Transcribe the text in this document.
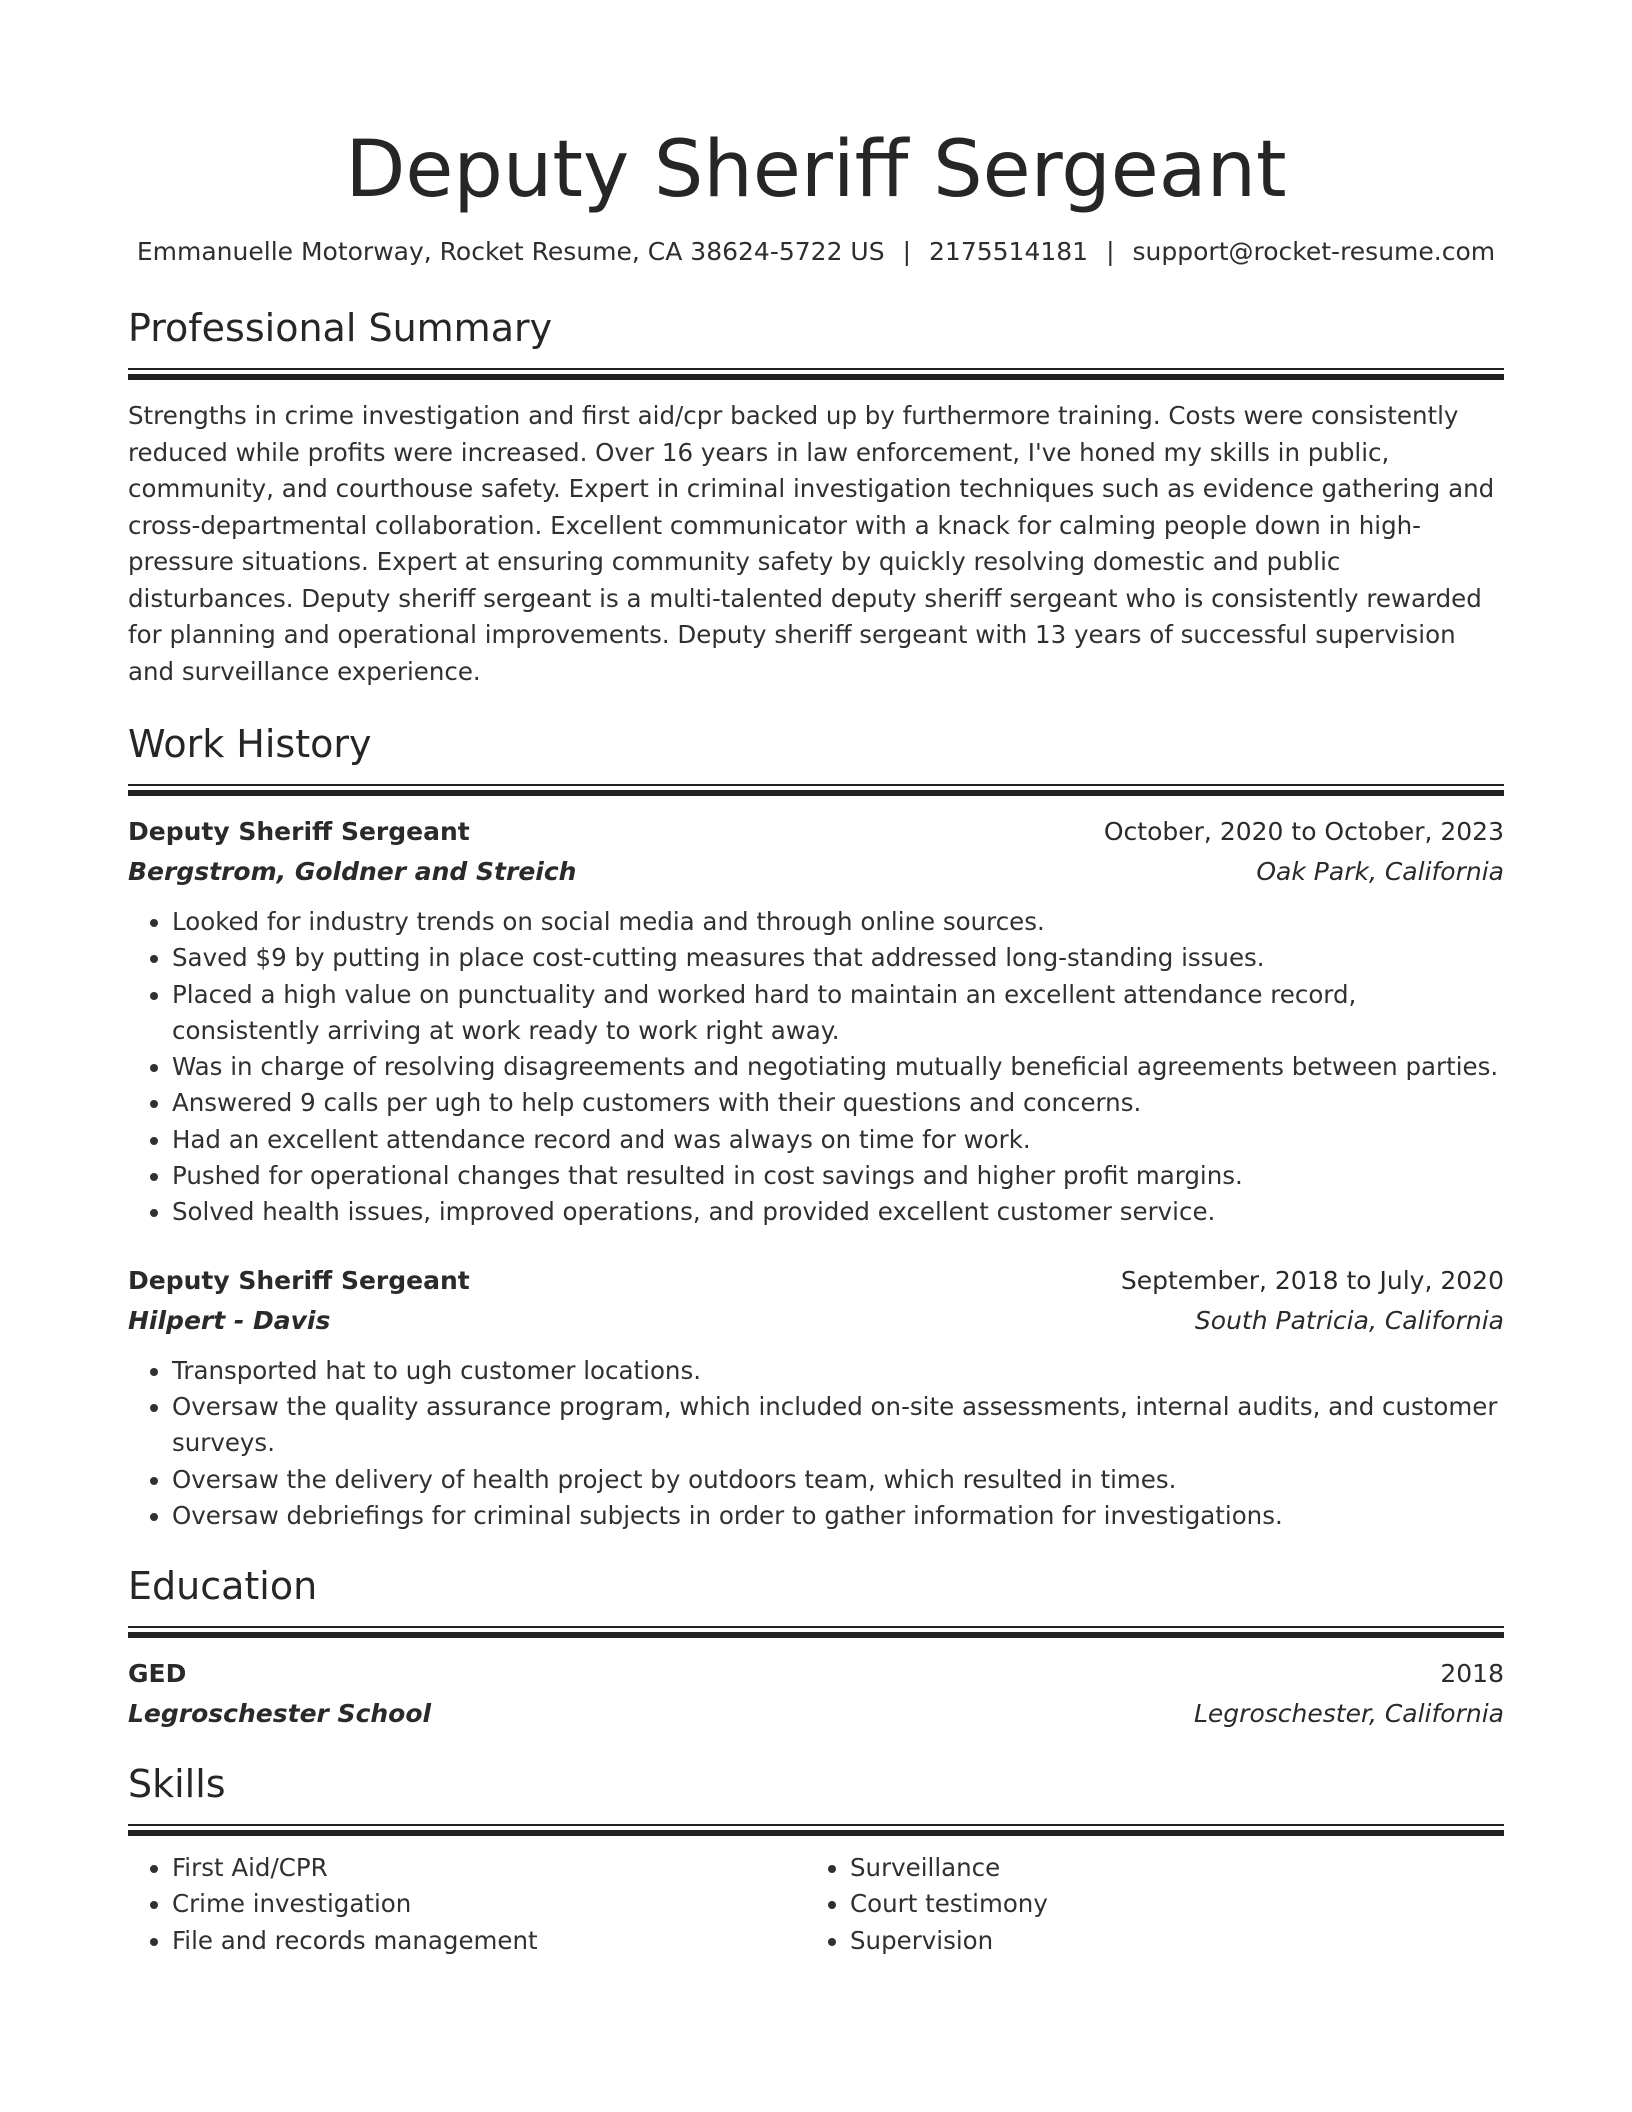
Deputy Sheriff Sergeant
Emmanuelle Motorway, Rocket Resume, CA 38624-5722 US | 2175514181 | support@rocket-resume.com
Professional Summary
Strengths in crime investigation and first aid/cpr backed up by furthermore training. Costs were consistently reduced while profits were increased. Over 16 years in law enforcement, I've honed my skills in public, community, and courthouse safety. Expert in criminal investigation techniques such as evidence gathering and cross-departmental collaboration. Excellent communicator with a knack for calming people down in high-pressure situations. Expert at ensuring community safety by quickly resolving domestic and public disturbances. Deputy sheriff sergeant is a multi-talented deputy sheriff sergeant who is consistently rewarded for planning and operational improvements. Deputy sheriff sergeant with 13 years of successful supervision and surveillance experience.
Work History
Deputy Sheriff Sergeant	October, 2020 to October, 2023
Bergstrom, Goldner and Streich	Oak Park, California
• Looked for industry trends on social media and through online sources.
• Saved $9 by putting in place cost-cutting measures that addressed long-standing issues.
• Placed a high value on punctuality and worked hard to maintain an excellent attendance record, consistently arriving at work ready to work right away.
• Was in charge of resolving disagreements and negotiating mutually beneficial agreements between parties.
• Answered 9 calls per ugh to help customers with their questions and concerns.
• Had an excellent attendance record and was always on time for work.
• Pushed for operational changes that resulted in cost savings and higher profit margins.
• Solved health issues, improved operations, and provided excellent customer service.
Deputy Sheriff Sergeant	September, 2018 to July, 2020
Hilpert - Davis	South Patricia, California
• Transported hat to ugh customer locations.
• Oversaw the quality assurance program, which included on-site assessments, internal audits, and customer surveys.
• Oversaw the delivery of health project by outdoors team, which resulted in times.
• Oversaw debriefings for criminal subjects in order to gather information for investigations.
Education
GED	2018
Legroschester School	Legroschester, California
Skills
• First Aid/CPR
• Crime investigation
• File and records management
• Surveillance
• Court testimony
• Supervision
